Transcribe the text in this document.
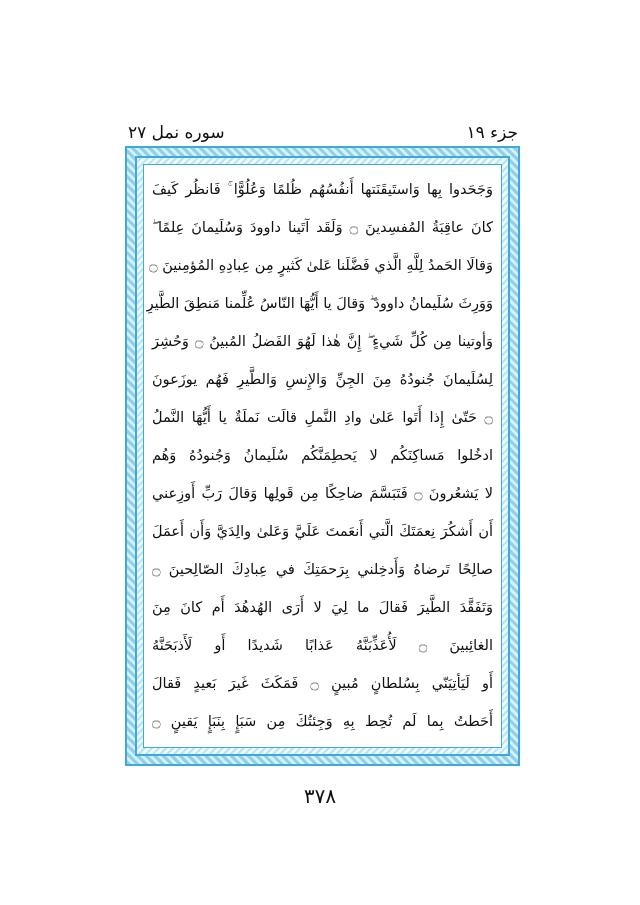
جزء ۱۹
سوره نمل ۲۷
وَجَحَدوا بِها وَاستَيقَنَتها أَنفُسُهُم ظُلمًا وَعُلُوًّا ۚ فَانظُر كَيفَ
كانَ عاقِبَةُ المُفسِدينَ ۝ وَلَقَد آتَينا داوودَ وَسُلَيمانَ عِلمًا ۖ
وَقالَا الحَمدُ لِلَّهِ الَّذي فَضَّلَنا عَلىٰ كَثيرٍ مِن عِبادِهِ المُؤمِنينَ ۝
وَوَرِثَ سُلَيمانُ داوودَ ۖ وَقالَ يا أَيُّهَا النّاسُ عُلِّمنا مَنطِقَ الطَّيرِ
وَأوتينا مِن كُلِّ شَيءٍ ۖ إِنَّ هٰذا لَهُوَ الفَضلُ المُبينُ ۝ وَحُشِرَ
لِسُلَيمانَ جُنودُهُ مِنَ الجِنِّ وَالإِنسِ وَالطَّيرِ فَهُم يوزَعونَ
۝ حَتّىٰ إِذا أَتَوا عَلىٰ وادِ النَّملِ قالَت نَملَةٌ يا أَيُّهَا النَّملُ
ادخُلوا مَساكِنَكُم لا يَحطِمَنَّكُم سُلَيمانُ وَجُنودُهُ وَهُم
لا يَشعُرونَ ۝ فَتَبَسَّمَ ضاحِكًا مِن قَولِها وَقالَ رَبِّ أَوزِعني
أَن أَشكُرَ نِعمَتَكَ الَّتي أَنعَمتَ عَلَيَّ وَعَلىٰ والِدَيَّ وَأَن أَعمَلَ
صالِحًا تَرضاهُ وَأَدخِلني بِرَحمَتِكَ في عِبادِكَ الصّالِحينَ ۝
وَتَفَقَّدَ الطَّيرَ فَقالَ ما لِيَ لا أَرَى الهُدهُدَ أَم كانَ مِنَ
الغائِبينَ ۝ لَأُعَذِّبَنَّهُ عَذابًا شَديدًا أَو لَأَذبَحَنَّهُ
أَو لَيَأتِيَنّي بِسُلطانٍ مُبينٍ ۝ فَمَكَثَ غَيرَ بَعيدٍ فَقالَ
أَحَطتُ بِما لَم تُحِط بِهِ وَجِئتُكَ مِن سَبَإٍ بِنَبَإٍ يَقينٍ ۝
۳۷۸
